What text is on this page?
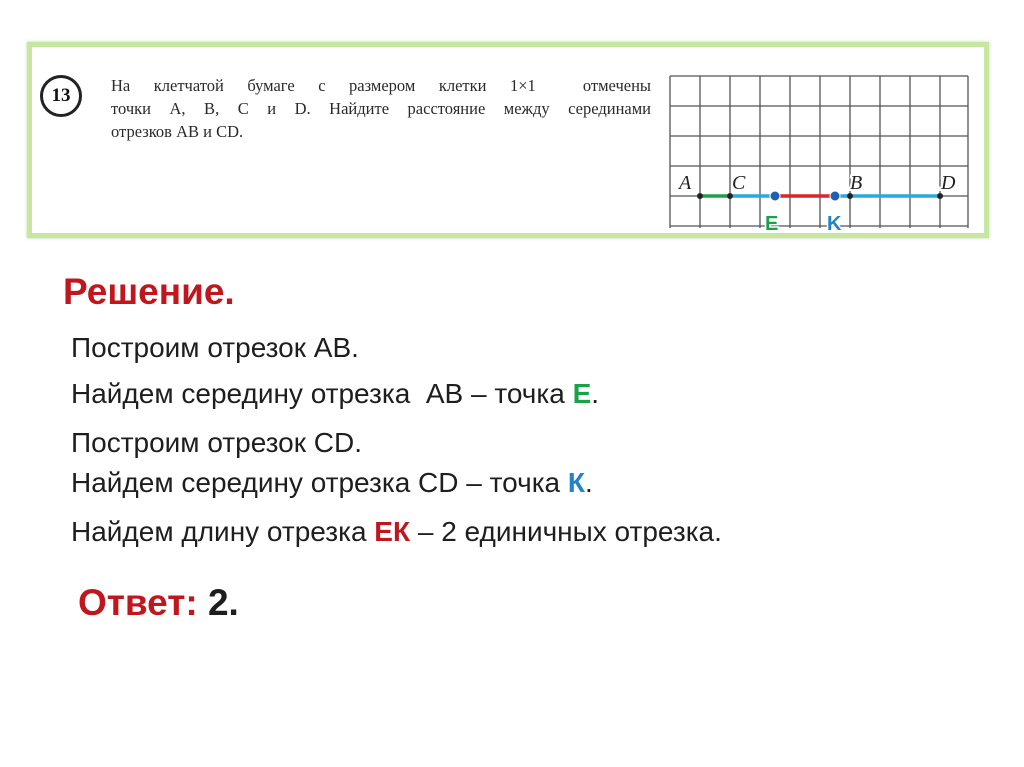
13	На клетчатой бумаге с размером клетки 1×1  отмечены
точки A, B, C и D. Найдите расстояние между серединами
отрезков AB и CD.
A C	B	D
E K
Решение.

Построим отрезок AB.

Найдем середину отрезка  AB – точка E.

Построим отрезок CD.

Найдем середину отрезка CD – точка К.

Найдем длину отрезка ЕК – 2 единичных отрезка.

Ответ: 2.
